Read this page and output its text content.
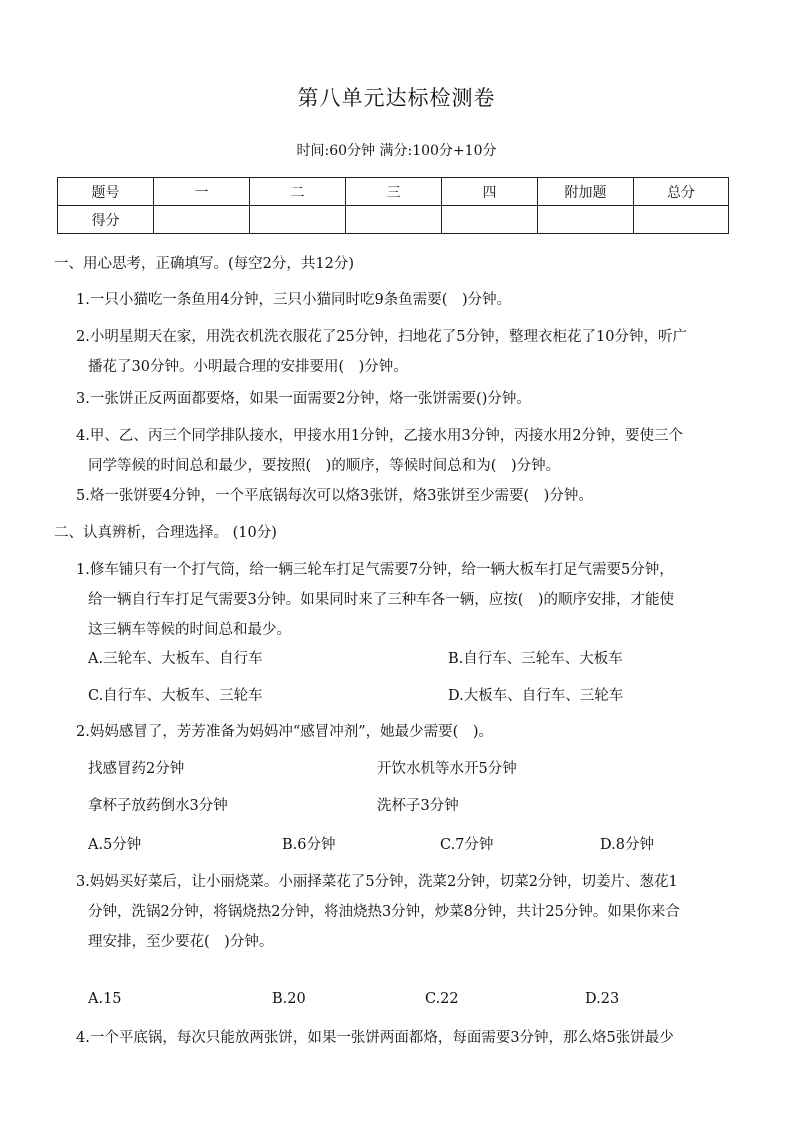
第八单元达标检测卷
时间:60分钟 满分:100分+10分
题号	一	二	三	四	附加题	总分
得分						
一、用心思考，正确填写。(每空2分，共12分)
1.一只小猫吃一条鱼用4分钟，三只小猫同时吃9条鱼需要(　)分钟。
2.小明星期天在家，用洗衣机洗衣服花了25分钟，扫地花了5分钟，整理衣柜花了10分钟，听广
播花了30分钟。小明最合理的安排要用(　)分钟。
3.一张饼正反两面都要烙，如果一面需要2分钟，烙一张饼需要()分钟。
4.甲、乙、丙三个同学排队接水，甲接水用1分钟，乙接水用3分钟，丙接水用2分钟，要使三个
同学等候的时间总和最少，要按照(　)的顺序，等候时间总和为(　)分钟。
5.烙一张饼要4分钟，一个平底锅每次可以烙3张饼，烙3张饼至少需要(　)分钟。
二、认真辨析，合理选择。 (10分)
1.修车铺只有一个打气筒，给一辆三轮车打足气需要7分钟，给一辆大板车打足气需要5分钟，
给一辆自行车打足气需要3分钟。如果同时来了三种车各一辆，应按(　)的顺序安排，才能使
这三辆车等候的时间总和最少。
A.三轮车、大板车、自行车	B.自行车、三轮车、大板车
C.自行车、大板车、三轮车	D.大板车、自行车、三轮车
2.妈妈感冒了，芳芳准备为妈妈冲“感冒冲剂”，她最少需要(　)。
找感冒药2分钟	开饮水机等水开5分钟
拿杯子放药倒水3分钟	洗杯子3分钟
A.5分钟	B.6分钟	C.7分钟	D.8分钟
3.妈妈买好菜后，让小丽烧菜。小丽择菜花了5分钟，洗菜2分钟，切菜2分钟，切姜片、葱花1
分钟，洗锅2分钟，将锅烧热2分钟，将油烧热3分钟，炒菜8分钟，共计25分钟。如果你来合
理安排，至少要花(　)分钟。
A.15	B.20	C.22	D.23
4.一个平底锅，每次只能放两张饼，如果一张饼两面都烙，每面需要3分钟，那么烙5张饼最少
